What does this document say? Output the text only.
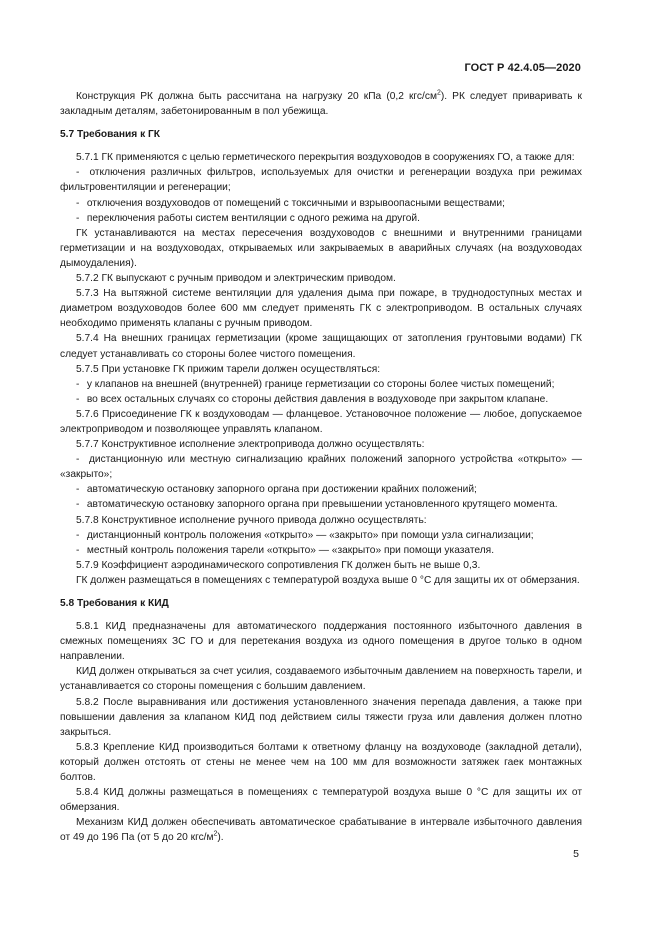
ГОСТ Р 42.4.05—2020

Конструкция РК должна быть рассчитана на нагрузку 20 кПа (0,2 кгс/$см^2$). РК следует приваривать к закладным деталям, забетонированным в пол убежища.

5.7 Требования к ГК

5.7.1 ГК применяются с целью герметического перекрытия воздуховодов в сооружениях ГО, а также для:

- отключения различных фильтров, используемых для очистки и регенерации воздуха при режимах фильтровентиляции и регенерации;

- отключения воздуховодов от помещений с токсичными и взрывоопасными веществами;

- переключения работы систем вентиляции с одного режима на другой.

ГК устанавливаются на местах пересечения воздуховодов с внешними и внутренними границами герметизации и на воздуховодах, открываемых или закрываемых в аварийных случаях (на воздуховодах дымоудаления).

5.7.2 ГК выпускают с ручным приводом и электрическим приводом.

5.7.3 На вытяжной системе вентиляции для удаления дыма при пожаре, в труднодоступных местах и диаметром воздуховодов более 600 мм следует применять ГК с электроприводом. В остальных случаях необходимо применять клапаны с ручным приводом.

5.7.4 На внешних границах герметизации (кроме защищающих от затопления грунтовыми водами) ГК следует устанавливать со стороны более чистого помещения.

5.7.5 При установке ГК прижим тарели должен осуществляться:

- у клапанов на внешней (внутренней) границе герметизации со стороны более чистых помещений;

- во всех остальных случаях со стороны действия давления в воздуховоде при закрытом клапане.

5.7.6 Присоединение ГК к воздуховодам — фланцевое. Установочное положение — любое, допускаемое электроприводом и позволяющее управлять клапаном.

5.7.7 Конструктивное исполнение электропривода должно осуществлять:

- дистанционную или местную сигнализацию крайних положений запорного устройства «открыто» — «закрыто»;

- автоматическую остановку запорного органа при достижении крайних положений;

- автоматическую остановку запорного органа при превышении установленного крутящего момента.

5.7.8 Конструктивное исполнение ручного привода должно осуществлять:

- дистанционный контроль положения «открыто» — «закрыто» при помощи узла сигнализации;

- местный контроль положения тарели «открыто» — «закрыто» при помощи указателя.

5.7.9 Коэффициент аэродинамического сопротивления ГК должен быть не выше 0,3.

ГК должен размещаться в помещениях с температурой воздуха выше 0 °С для защиты их от обмерзания.

5.8 Требования к КИД

5.8.1 КИД предназначены для автоматического поддержания постоянного избыточного давления в смежных помещениях ЗС ГО и для перетекания воздуха из одного помещения в другое только в одном направлении.

КИД должен открываться за счет усилия, создаваемого избыточным давлением на поверхность тарели, и устанавливается со стороны помещения с большим давлением.

5.8.2 После выравнивания или достижения установленного значения перепада давления, а также при повышении давления за клапаном КИД под действием силы тяжести груза или давления должен плотно закрыться.

5.8.3 Крепление КИД производиться болтами к ответному фланцу на воздуховоде (закладной детали), который должен отстоять от стены не менее чем на 100 мм для возможности затяжек гаек монтажных болтов.

5.8.4 КИД должны размещаться в помещениях с температурой воздуха выше 0 °С для защиты их от обмерзания.

Механизм КИД должен обеспечивать автоматическое срабатывание в интервале избыточного давления от 49 до 196 Па (от 5 до 20 кгс/$м^2$).

5
